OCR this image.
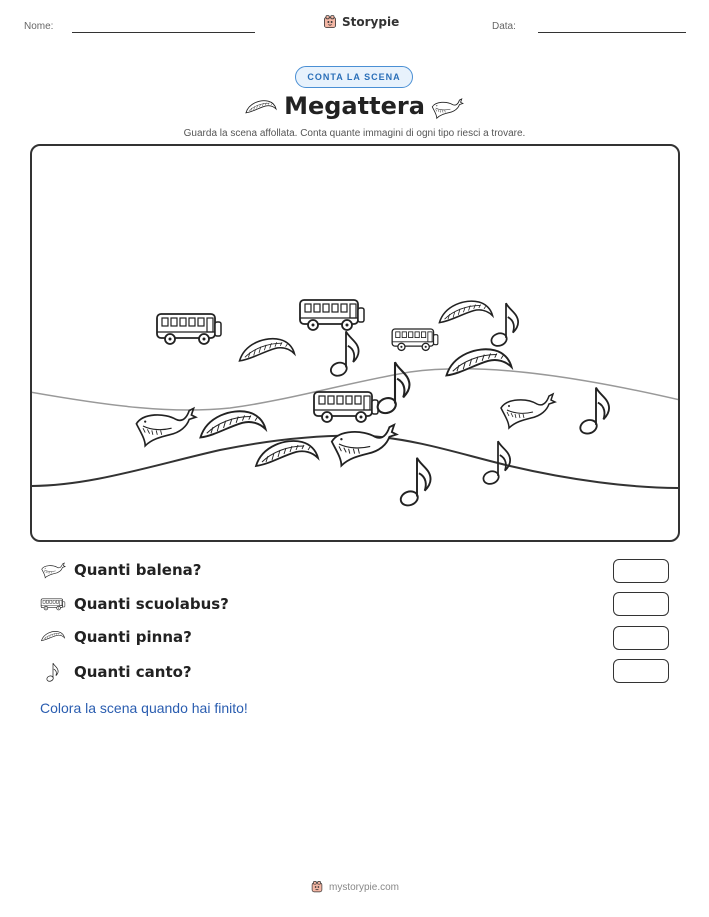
Nome:	Storypie	Data:
CONTA LA SCENA
Megattera
Guarda la scena affollata. Conta quante immagini di ogni tipo riesci a trovare.
Quanti balena?
Quanti scuolabus?
Quanti pinna?
Quanti canto?
Colora la scena quando hai finito!
mystorypie.com
